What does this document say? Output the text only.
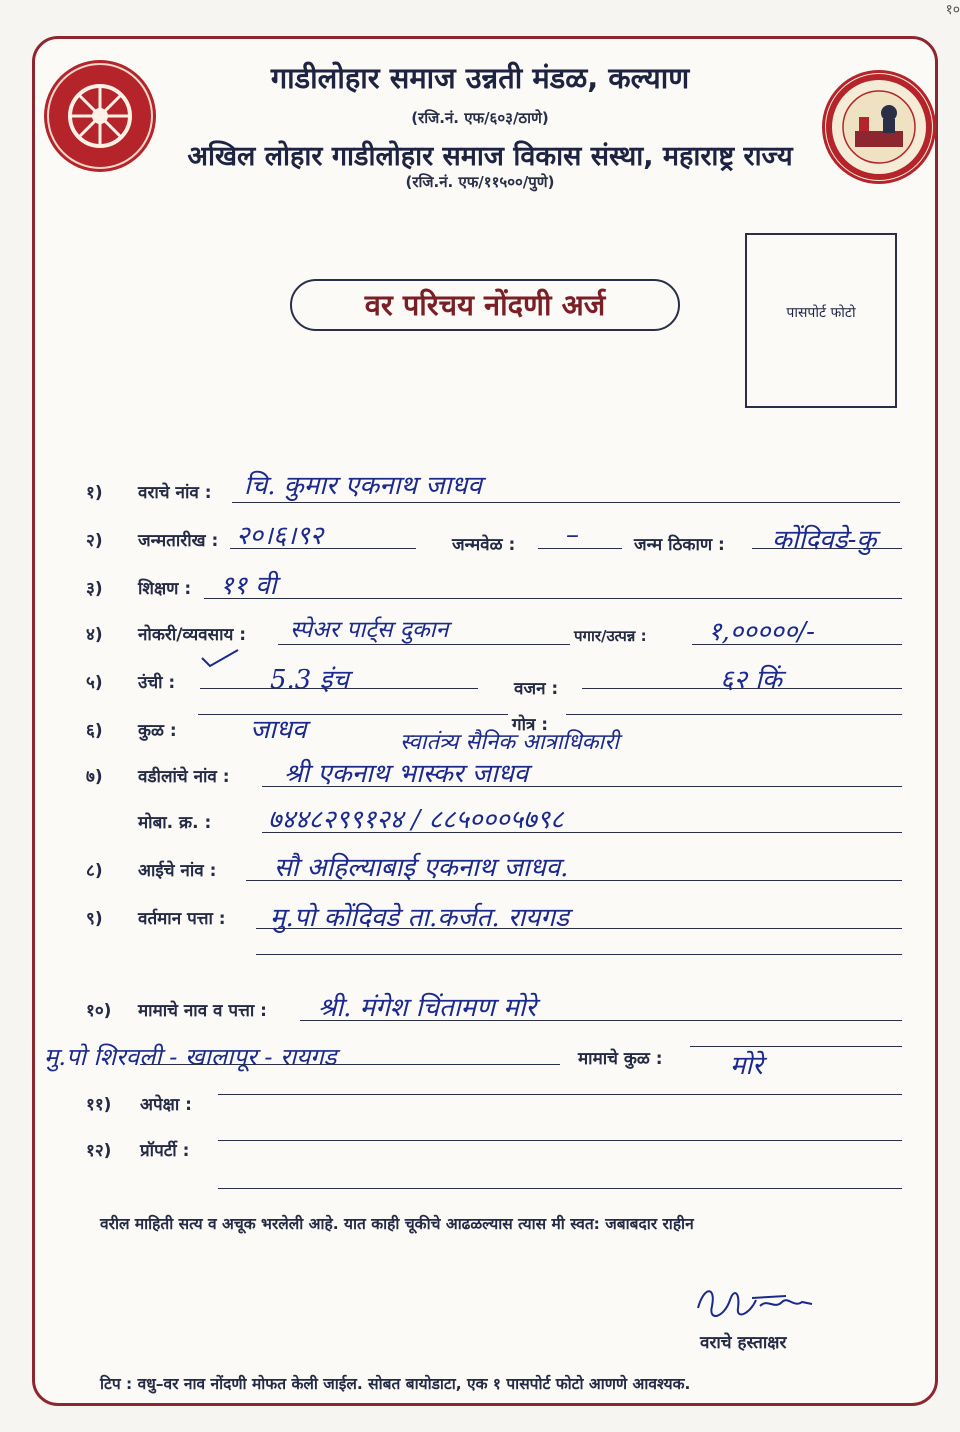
१०
गाडीलोहार समाज उन्नती मंडळ, कल्याण
(रजि.नं. एफ/६०३/ठाणे)
अखिल लोहार गाडीलोहार समाज विकास संस्था, महाराष्ट्र राज्य
(रजि.नं. एफ/११५००/पुणे)
वर परिचय नोंदणी अर्ज	पासपोर्ट फोटो
१) वराचे नांव : चि. कुमार एकनाथ जाधव
२) जन्मतारीख : २०।६।९२	जन्मवेळ : –	जन्म ठिकाण : कोंदिवडे-कु
३) शिक्षण : ११ वी
४) नोकरी/व्यवसाय : स्पेअर पार्ट्स दुकान	पगार/उत्पन्न : १,०००००/-
५) उंची :	5.3 इंच	वजन :	६२ किं
६) कुळ :	जाधव	गोत्र :
स्वातंत्र्य सैनिक आत्राधिकारी
७) वडीलांचे नांव : श्री एकनाथ भास्कर जाधव
मोबा. क्र. : ७४४८२९९१२४ / ८८५०००५७९८
८) आईचे नांव : सौ अहिल्याबाई एकनाथ जाधव.
९) वर्तमान पत्ता : मु.पो कोंदिवडे ता.कर्जत. रायगड
१०) मामाचे नाव व पत्ता : श्री. मंगेश चिंतामण मोरे
मु.पो शिरवली - खालापूर - रायगड	मामाचे कुळ :	मोरे
११) अपेक्षा :
१२) प्रॉपर्टी :
वरील माहिती सत्य व अचूक भरलेली आहे. यात काही चूकीचे आढळल्यास त्यास मी स्वत: जबाबदार राहीन
वराचे हस्ताक्षर
टिप : वधु–वर नाव नोंदणी मोफत केली जाईल. सोबत बायोडाटा, एक १ पासपोर्ट फोटो आणणे आवश्यक.
